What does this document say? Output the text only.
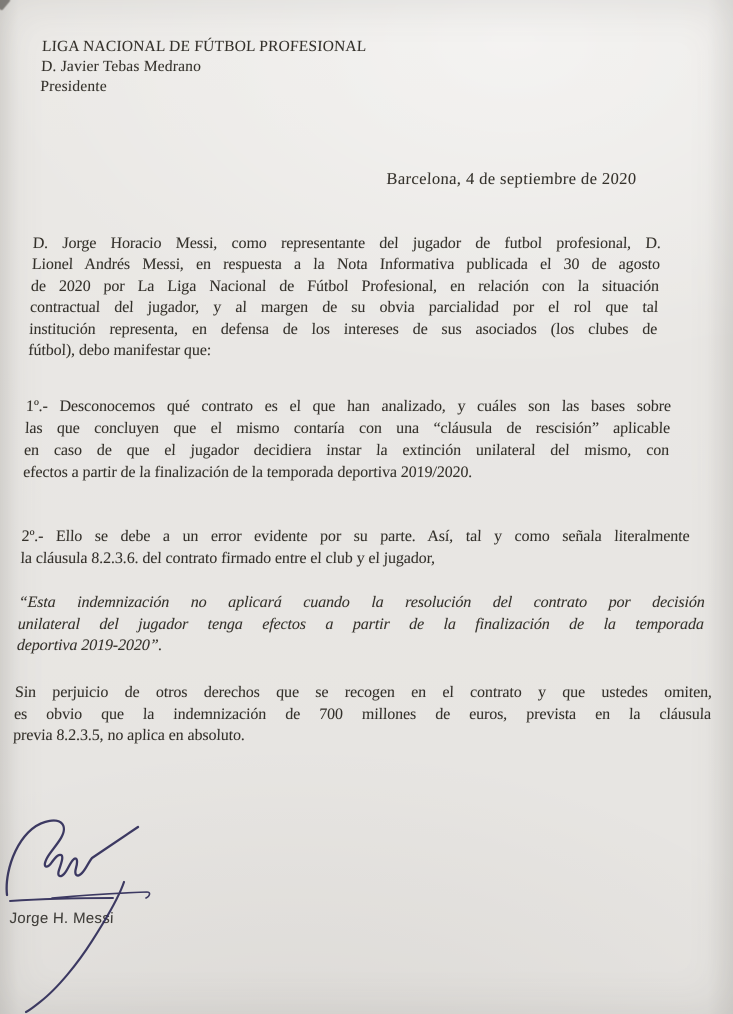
LIGA NACIONAL DE FÚTBOL PROFESIONAL
D. Javier Tebas Medrano
Presidente
Barcelona, 4 de septiembre de 2020
D. Jorge Horacio Messi, como representante del jugador de futbol profesional, D.
Lionel Andrés Messi, en respuesta a la Nota Informativa publicada el 30 de agosto
de 2020 por La Liga Nacional de Fútbol Profesional, en relación con la situación
contractual del jugador, y al margen de su obvia parcialidad por el rol que tal
institución representa, en defensa de los intereses de sus asociados (los clubes de
fútbol), debo manifestar que:
1º.- Desconocemos qué contrato es el que han analizado, y cuáles son las bases sobre
las que concluyen que el mismo contaría con una “cláusula de rescisión” aplicable
en caso de que el jugador decidiera instar la extinción unilateral del mismo, con
efectos a partir de la finalización de la temporada deportiva 2019/2020.
2º.- Ello se debe a un error evidente por su parte. Así, tal y como señala literalmente
la cláusula 8.2.3.6. del contrato firmado entre el club y el jugador,
“Esta indemnización no aplicará cuando la resolución del contrato por decisión
unilateral del jugador tenga efectos a partir de la finalización de la temporada
deportiva 2019-2020”.
Sin perjuicio de otros derechos que se recogen en el contrato y que ustedes omiten,
es obvio que la indemnización de 700 millones de euros, prevista en la cláusula
previa 8.2.3.5, no aplica en absoluto.
Jorge H. Messi
